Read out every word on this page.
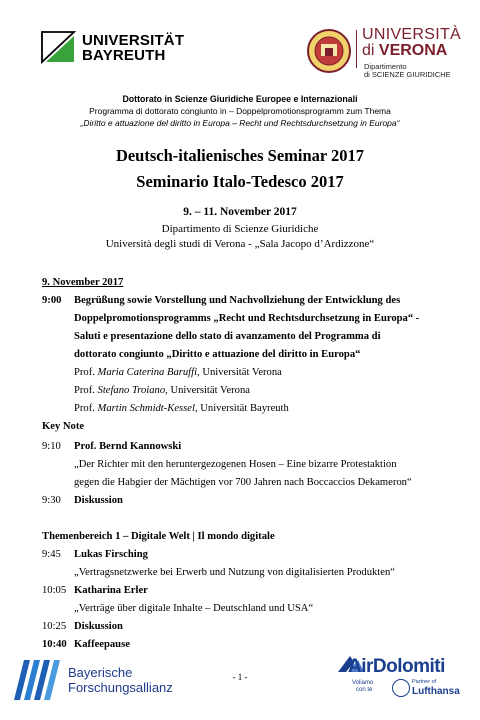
UNIVERSITÄT
BAYREUTH
UNIVERSITÀ
di VERONA
Dipartimento
di SCIENZE GIURIDICHE
Dottorato in Scienze Giuridiche Europee e Internazionali
Programma di dottorato congiunto in – Doppelpromotionsprogramm zum Thema
„Diritto e attuazione del diritto in Europa – Recht und Rechtsdurchsetzung in Europa“
Deutsch-italienisches Seminar 2017
Seminario Italo-Tedesco 2017
9. – 11. November 2017
Dipartimento di Scienze Giuridiche
Università degli studi di Verona - „Sala Jacopo d’Ardizzone“
9. November 2017
9:00 Begrüßung sowie Vorstellung und Nachvollziehung der Entwicklung des
Doppelpromotionsprogramms „Recht und Rechtsdurchsetzung in Europa“ -
Saluti e presentazione dello stato di avanzamento del Programma di
dottorato congiunto „Diritto e attuazione del diritto in Europa“
Prof. Maria Caterina Baruffi, Universität Verona
Prof. Stefano Troiano, Universität Verona
Prof. Martin Schmidt-Kessel, Universität Bayreuth
Key Note
9:10 Prof. Bernd Kannowski
„Der Richter mit den heruntergezogenen Hosen – Eine bizarre Protestaktion
gegen die Habgier der Mächtigen vor 700 Jahren nach Boccaccios Dekameron“
9:30 Diskussion
Themenbereich 1 – Digitale Welt | Il mondo digitale
9:45 Lukas Firsching
„Vertragsnetzwerke bei Erwerb und Nutzung von digitalisierten Produkten“
10:05 Katharina Erler
„Verträge über digitale Inhalte – Deutschland und USA“
10:25 Diskussion
10:40 Kaffeepause
Bayerische
Forschungsallianz
- 1 -	AirDolomiti
Voliamo
con te
Partner of
Lufthansa
